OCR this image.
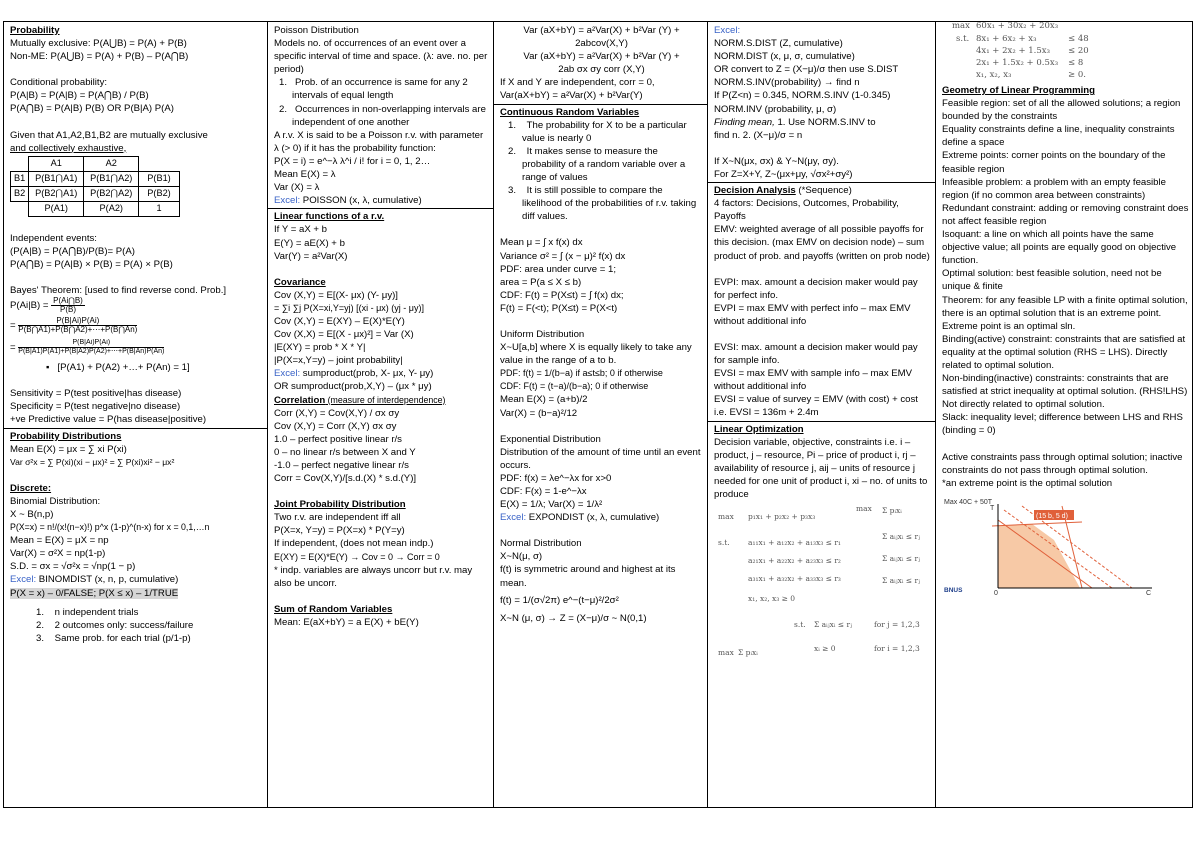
Probability
Mutually exclusive: P(A⋃B) = P(A) + P(B)
Non-ME: P(A⋃B) = P(A) + P(B) – P(A⋂B)
Conditional probability:
P(A|B) = P(A|B) = P(A⋂B) / P(B)
P(A⋂B) = P(A|B) P(B) OR P(B|A) P(A)
Given that A1,A2,B1,B2 are mutually exclusive
and collectively exhaustive,
	A1	A2	
B1	P(B1⋂A1)	P(B1⋂A2)	P(B1)
B2	P(B2⋂A1)	P(B2⋂A2)	P(B2)
	P(A1)	P(A2)	1
Independent events:
(P(A|B) = P(A⋂B)/P(B)= P(A)
P(A⋂B) = P(A|B) × P(B) = P(A) × P(B)
Bayes' Theorem: [used to find reverse cond. Prob.]
$P(Ai|B) = \frac{P(Ai⋂B)}{P(B)}$
= $\frac{P(B|Ai)P(Ai)}{P(B⋂A1)+P(B⋂A2)+\cdots+P(B⋂An)}$
= $\frac{P(B|Ai)P(Ai)}{P(B|A1)P(A1)+P(B|A2)P(A2)+\cdots+P(B|An)P(An)}$
▪   [P(A1) + P(A2) +…+ P(An) = 1]
Sensitivity = P(test positive|has disease)
Specificity = P(test negative|no disease)
+ve Predictive value = P(has disease|positive)
Probability Distributions
Mean E(X) = μx = ∑ xi P(xi)
Var σ²x = ∑ P(xi)(xi − μx)² = ∑ P(xi)xi² − μx²
Discrete:
Binomial Distribution:
X ~ B(n,p)
P(X=x) = n!/(x!(n−x)!) p^x (1-p)^(n-x) for x = 0,1,…n
Mean = E(X) = μX = np
Var(X) = σ²X = np(1-p)
S.D. = σx = √σ²x = √np(1 − p)
Excel: BINOMDIST (x, n, p, cumulative)
P(X = x) – 0/FALSE; P(X ≤ x) – 1/TRUE
1.    n independent trials
2.    2 outcomes only: success/failure
3.    Same prob. for each trial (p/1-p)
Poisson Distribution
Models no. of occurrences of an event over a specific interval of time and space. (λ: ave. no. per period)
1.   Prob. of an occurrence is same for any 2 intervals of equal length
2.   Occurrences in non-overlapping intervals are independent of one another
A r.v. X is said to be a Poisson r.v. with parameter λ (> 0) if it has the probability function:
P(X = i) = e^−λ λ^i / i! for i = 0, 1, 2…
Mean E(X) = λ
Var (X) = λ
Excel: POISSON (x, λ, cumulative)
Linear functions of a r.v.
If Y = aX + b
E(Y) = aE(X) + b
Var(Y) = a²Var(X)
Covariance
Cov (X,Y) = E[(X- μx) (Y- μy)]
= ∑i ∑j P(X=xi,Y=yj) [(xi - μx) (yj - μy)]
Cov (X,Y) = E(XY) – E(X)*E(Y)
Cov (X,X) = E[(X - μx)²] = Var (X)
|E(XY) = prob * X * Y|
|P(X=x,Y=y) – joint probability|
Excel: sumproduct(prob, X- μx, Y- μy)
OR sumproduct(prob,X,Y) – (μx * μy)
Correlation (measure of interdependence)
Corr (X,Y) = Cov(X,Y) / σx σy
Cov (X,Y) = Corr (X,Y) σx σy
1.0 – perfect positive linear r/s
0 – no linear r/s between X and Y
-1.0 – perfect negative linear r/s
Corr = Cov(X,Y)/[s.d.(X) * s.d.(Y)]
Joint Probability Distribution
Two r.v. are independent iff all
P(X=x, Y=y) = P(X=x) * P(Y=y)
If independent, (does not mean indp.)
E(XY) = E(X)*E(Y) → Cov = 0 → Corr = 0
* indp. variables are always uncorr but r.v. may also be uncorr.
Sum of Random Variables
Mean: E(aX+bY) = a E(X) + bE(Y)
Var (aX+bY) = a²Var(X) + b²Var (Y) +
2abcov(X,Y)
Var (aX+bY) = a²Var(X) + b²Var (Y) +
2ab σx σy corr (X,Y)
If X and Y are independent, corr = 0,
Var(aX+bY) = a²Var(X) + b²Var(Y)
Continuous Random Variables
1.    The probability for X to be a particular value is nearly 0
2.    It makes sense to measure the probability of a random variable over a range of values
3.    It is still possible to compare the likelihood of the probabilities of r.v. taking diff values.
Mean μ = ∫ x f(x) dx
Variance σ² = ∫ (x − μ)² f(x) dx
PDF: area under curve = 1;
area = P(a ≤ X ≤ b)
CDF: F(t) = P(X≤t) = ∫ f(x) dx;
F(t) = F(<t); P(X≤t) = P(X<t)
Uniform Distribution
X~U[a,b] where X is equally likely to take any value in the range of a to b.
PDF: f(t) = 1/(b−a) if a≤t≤b; 0 if otherwise
CDF: F(t) = (t−a)/(b−a); 0 if otherwise
Mean E(X) = (a+b)/2
Var(X) = (b−a)²/12
Exponential Distribution
Distribution of the amount of time until an event occurs.
PDF: f(x) = λe^−λx for x>0
CDF: F(x) = 1-e^−λx
E(X) = 1/λ; Var(X) = 1/λ²
Excel: EXPONDIST (x, λ, cumulative)
Normal Distribution
X~N(μ, σ)
f(t) is symmetric around and highest at its mean.
f(t) = 1/(σ√2π) e^−(t−μ)²/2σ²
X~N (μ, σ) → Z = (X−μ)/σ ~ N(0,1)
Excel:
NORM.S.DIST (Z, cumulative)
NORM.DIST (x, μ, σ, cumulative)
OR convert to Z = (X−μ)/σ then use S.DIST
NORM.S.INV(probability) → find n
If P(Z<n) = 0.345, NORM.S.INV (1-0.345)
NORM.INV (probability, μ, σ)
Finding mean, 1. Use NORM.S.INV to
find n. 2. (X−μ)/σ = n
If X~N(μx, σx) & Y~N(μy, σy).
For Z=X+Y, Z~(μx+μy, √σx²+σy²)
Decision Analysis (*Sequence)
4 factors: Decisions, Outcomes, Probability, Payoffs
EMV: weighted average of all possible payoffs for this decision. (max EMV on decision node) – sum product of prob. and payoffs (written on prob node)
EVPI: max. amount a decision maker would pay for perfect info.
EVPI = max EMV with perfect info – max EMV without additional info
EVSI: max. amount a decision maker would pay for sample info.
EVSI = max EMV with sample info – max EMV without additional info
EVSI = value of survey = EMV (with cost) + cost i.e. EVSI = 136m + 2.4m
Linear Optimization
Decision variable, objective, constraints i.e. i – product, j – resource, Pi – price of product i, rj – availability of resource j, aij – units of resource j needed for one unit of product i, xi – no. of units to produce
max p₁x₁ + p₂x₂ + p₃x₃
s.t. a₁₁x₁ + a₁₂x₂ + a₁₃x₃ ≤ r₁
a₂₁x₁ + a₂₂x₂ + a₂₃x₃ ≤ r₂
a₃₁x₁ + a₃₂x₂ + a₃₃x₃ ≤ r₃
x₁, x₂, x₃ ≥ 0
max Σ pᵢxᵢ
Σ aᵢⱼxᵢ ≤ rⱼ
Σ aᵢⱼxᵢ ≤ rⱼ
Σ aᵢⱼxᵢ ≤ rⱼ
s.t. Σ aᵢⱼxᵢ ≤ rⱼ	for j = 1,2,3
max Σ pᵢxᵢ	xᵢ ≥ 0	for i = 1,2,3
max 60x₁ + 30x₂ + 20x₃
s.t. 8x₁ + 6x₂ + x₃	≤ 48
4x₁ + 2x₂ + 1.5x₃ ≤ 20
2x₁ + 1.5x₂ + 0.5x₃ ≤ 8
x₁, x₂, x₃	≥ 0.
Geometry of Linear Programming
Feasible region: set of all the allowed solutions; a region bounded by the constraints
Equality constraints define a line, inequality constraints define a space
Extreme points: corner points on the boundary of the feasible region
Infeasible problem: a problem with an empty feasible region (if no common area between constraints)
Redundant constraint: adding or removing constraint does not affect feasible region
Isoquant: a line on which all points have the same objective value; all points are equally good on objective function.
Optimal solution: best feasible solution, need not be unique & finite
Theorem: for any feasible LP with a finite optimal solution, there is an optimal solution that is an extreme point. Extreme point is an optimal sln.
Binding(active) constraint: constraints that are satisfied at equality at the optimal solution (RHS = LHS). Directly related to optimal solution.
Non-binding(inactive) constraints: constraints that are satisfied at strict inequality at optimal solution. (RHS!LHS) Not directly related to optimal solution.
Slack: inequality level; difference between LHS and RHS (binding = 0)
Active constraints pass through optimal solution; inactive constraints do not pass through optimal solution.
*an extreme point is the optimal solution
Max 40C + 50T
(15 b, 5 d)
T
0	C
BNUS
